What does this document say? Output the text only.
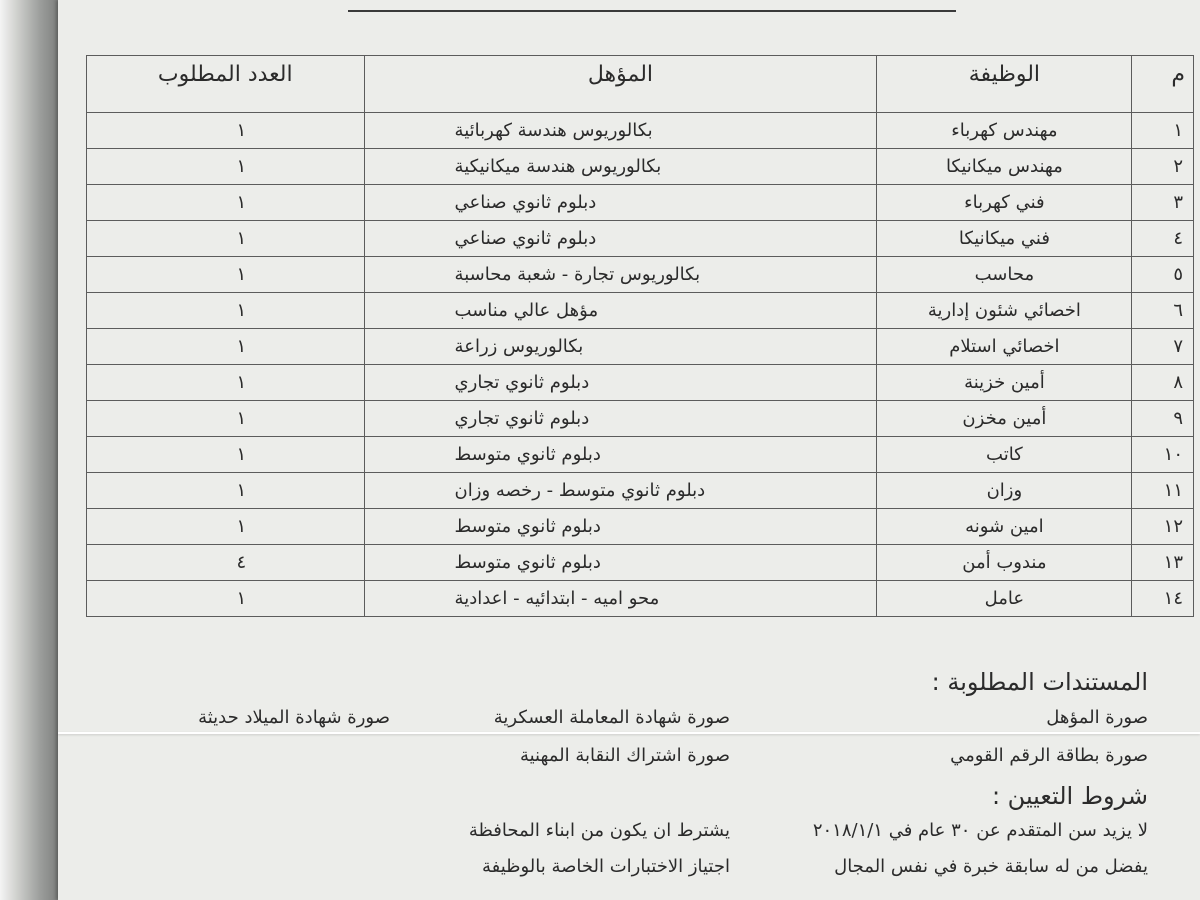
م	الوظيفة	المؤهل	العدد المطلوب
١	مهندس كهرباء	بكالوريوس هندسة كهربائية	١
٢	مهندس ميكانيكا	بكالوريوس هندسة ميكانيكية	١
٣	فني كهرباء	دبلوم ثانوي صناعي	١
٤	فني ميكانيكا	دبلوم ثانوي صناعي	١
٥	محاسب	بكالوريوس تجارة - شعبة محاسبة	١
٦	اخصائي شئون إدارية	مؤهل عالي مناسب	١
٧	اخصائي استلام	بكالوريوس زراعة	١
٨	أمين خزينة	دبلوم ثانوي تجاري	١
٩	أمين مخزن	دبلوم ثانوي تجاري	١
١٠	كاتب	دبلوم ثانوي متوسط	١
١١	وزان	دبلوم ثانوي متوسط - رخصه وزان	١
١٢	امين شونه	دبلوم ثانوي متوسط	١
١٣	مندوب أمن	دبلوم ثانوي متوسط	٤
١٤	عامل	محو اميه - ابتدائيه - اعدادية	١
المستندات المطلوبة :
صورة المؤهل
صورة شهادة المعاملة العسكرية
صورة شهادة الميلاد حديثة
صورة بطاقة الرقم القومي
صورة اشتراك النقابة المهنية
شروط التعيين :
لا يزيد سن المتقدم عن ٣٠ عام في ٢٠١٨/١/١
يشترط ان يكون من ابناء المحافظة
يفضل من له سابقة خبرة في نفس المجال
اجتياز الاختبارات الخاصة بالوظيفة
